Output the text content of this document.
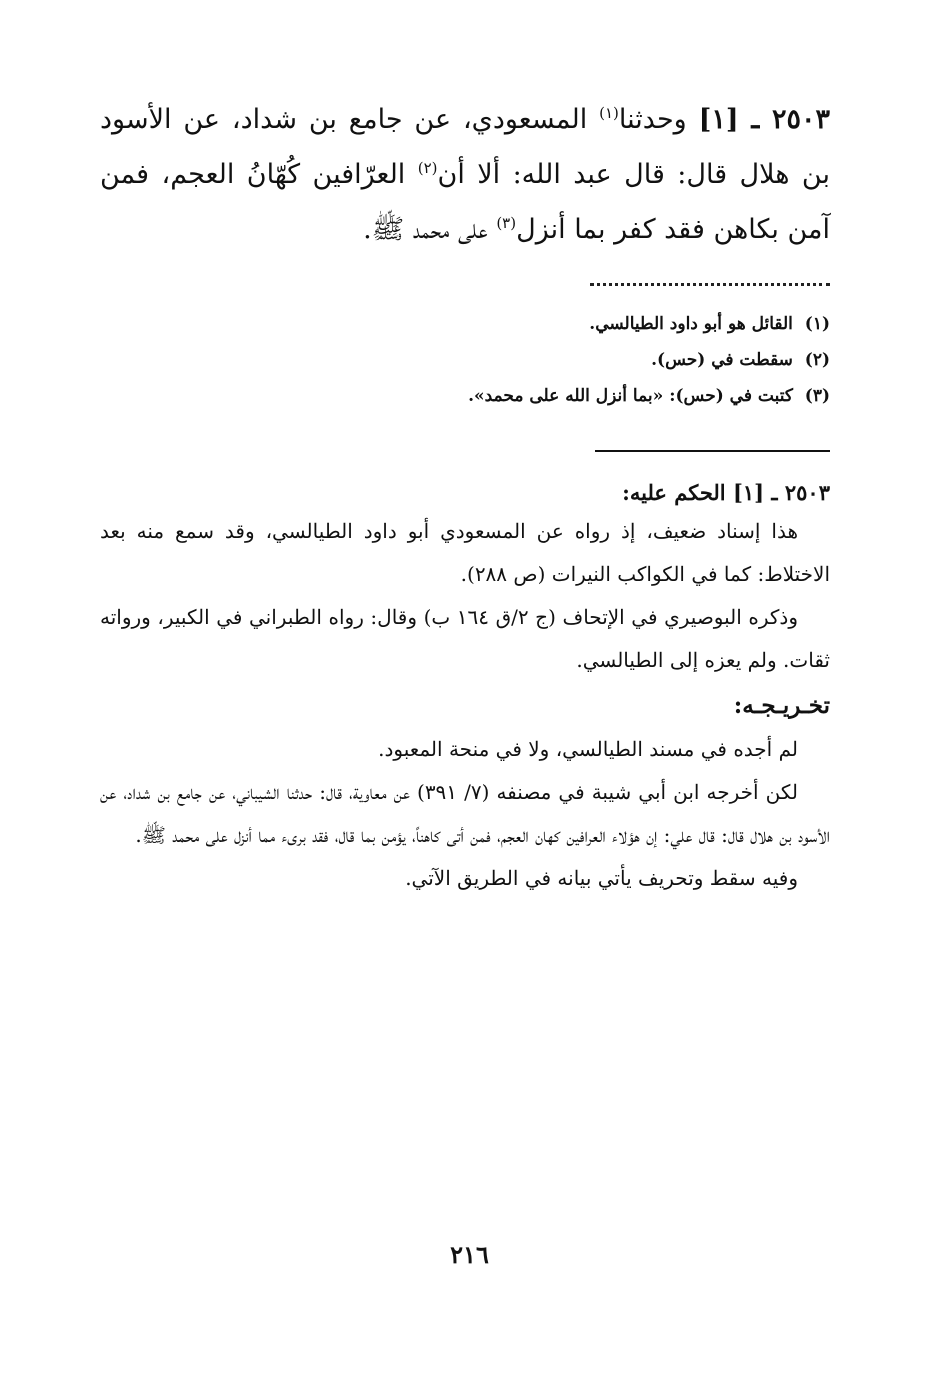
٢٥٠٣ ـ [١] وحدثنا$^{(١)}$ المسعودي، عن جامع بن شداد، عن الأسود بن هلال قال: قال عبد الله: ألا أن$^{(٢)}$ العرّافين كُهّانُ العجم، فمن آمن بكاهن فقد كفر بما أنزل$^{(٣)}$ على محمد ﷺ.

(١)  القائل هو أبو داود الطيالسي.

(٢)  سقطت في (حس).

(٣)  كتبت في (حس): «بما أنزل الله على محمد».

٢٥٠٣ ـ [١] الحكم عليه:

هذا إسناد ضعيف، إذ رواه عن المسعودي أبو داود الطيالسي، وقد سمع منه بعد الاختلاط: كما في الكواكب النيرات (ص ٢٨٨).

وذكره البوصيري في الإتحاف (ج ٢/ق ١٦٤ ب) وقال: رواه الطبراني في الكبير، ورواته ثقات. ولم يعزه إلى الطيالسي.

تخـريـجـه:

لم أجده في مسند الطيالسي، ولا في منحة المعبود.

لكن أخرجه ابن أبي شيبة في مصنفه (٧/ ٣٩١) عن معاوية، قال: حدثنا الشيباني، عن جامع بن شداد، عن الأسود بن هلال قال: قال علي: إن هؤلاء العرافين كهان العجم، فمن أتى كاهناً، يؤمن بما قال، فقد برىء مما أنزل على محمد ﷺ.

وفيه سقط وتحريف يأتي بيانه في الطريق الآتي.

٢١٦
